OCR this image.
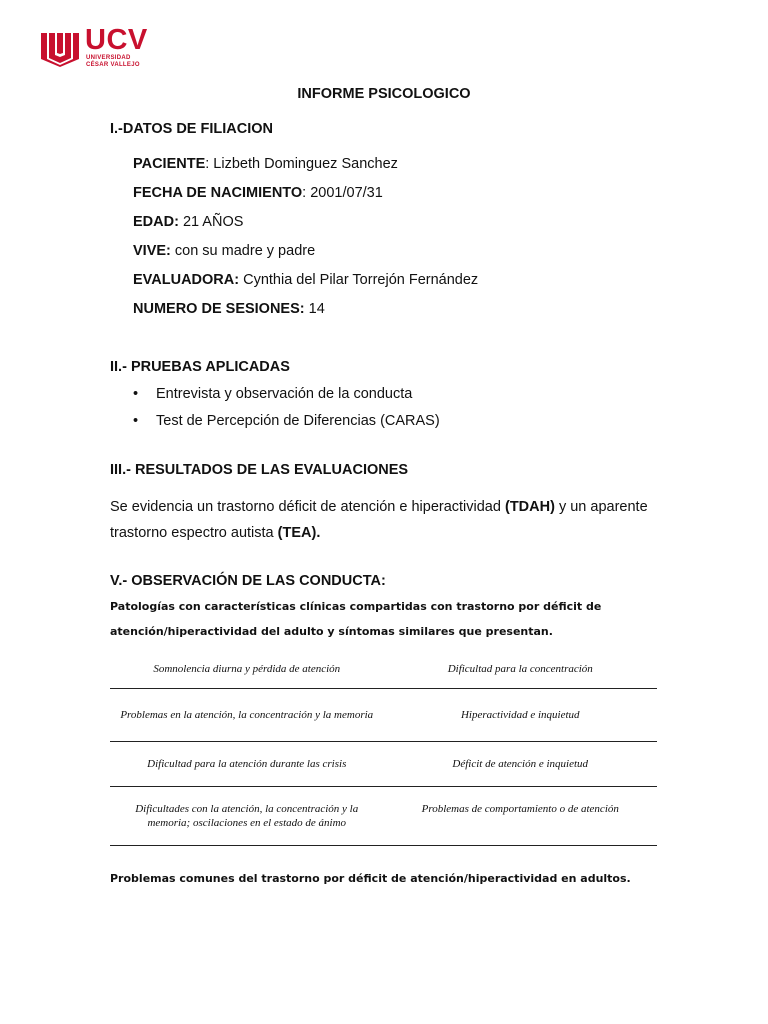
UCV
UNIVERSIDAD
CÉSAR VALLEJO
INFORME PSICOLOGICO
I.-DATOS DE FILIACION
PACIENTE: Lizbeth Dominguez Sanchez
FECHA DE NACIMIENTO: 2001/07/31
EDAD: 21 AÑOS
VIVE: con su madre y padre
EVALUADORA: Cynthia del Pilar Torrejón Fernández
NUMERO DE SESIONES: 14
II.- PRUEBAS APLICADAS
• Entrevista y observación de la conducta
• Test de Percepción de Diferencias (CARAS)
III.- RESULTADOS DE LAS EVALUACIONES
Se evidencia un trastorno déficit de atención e hiperactividad (TDAH) y un aparente trastorno espectro autista (TEA).
V.- OBSERVACIÓN DE LAS CONDUCTA:
Patologías con características clínicas compartidas con trastorno por déficit de atención/hiperactividad del adulto y síntomas similares que presentan.
Somnolencia diurna y pérdida de atención	Dificultad para la concentración
Problemas en la atención, la concentración y la memoria	Hiperactividad e inquietud
Dificultad para la atención durante las crisis	Déficit de atención e inquietud
Dificultades con la atención, la concentración y la memoria; oscilaciones en el estado de ánimo	Problemas de comportamiento o de atención
Problemas comunes del trastorno por déficit de atención/hiperactividad en adultos.
